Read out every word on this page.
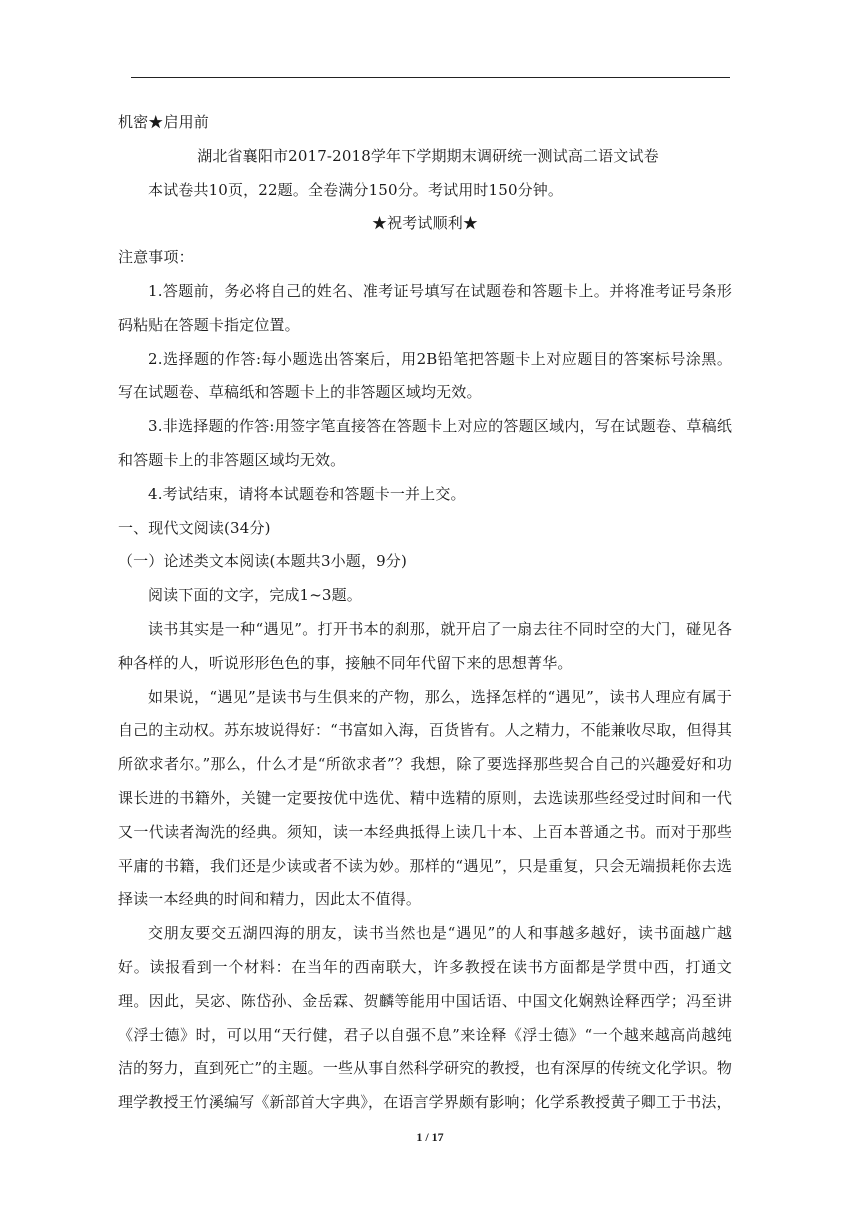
机密★启用前

湖北省襄阳市2017-2018学年下学期期末调研统一测试高二语文试卷

本试卷共10页，22题。全卷满分150分。考试用时150分钟。

★祝考试顺利★

注意事项：

1.答题前，务必将自己的姓名、准考证号填写在试题卷和答题卡上。并将准考证号条形码粘贴在答题卡指定位置。

2.选择题的作答:每小题选出答案后，用2B铅笔把答题卡上对应题目的答案标号涂黑。写在试题卷、草稿纸和答题卡上的非答题区域均无效。

3.非选择题的作答:用签字笔直接答在答题卡上对应的答题区域内，写在试题卷、草稿纸和答题卡上的非答题区域均无效。

4.考试结束，请将本试题卷和答题卡一并上交。

一、现代文阅读(34分)

（一）论述类文本阅读(本题共3小题，9分)

阅读下面的文字，完成1~3题。

读书其实是一种“遇见”。打开书本的刹那，就开启了一扇去往不同时空的大门，碰见各种各样的人，听说形形色色的事，接触不同年代留下来的思想菁华。

如果说，“遇见”是读书与生俱来的产物，那么，选择怎样的“遇见”，读书人理应有属于自己的主动权。苏东坡说得好：“书富如入海，百货皆有。人之精力，不能兼收尽取，但得其所欲求者尔。”那么，什么才是“所欲求者”？我想，除了要选择那些契合自己的兴趣爱好和功课长进的书籍外，关键一定要按优中选优、精中选精的原则，去选读那些经受过时间和一代又一代读者淘洗的经典。须知，读一本经典抵得上读几十本、上百本普通之书。而对于那些平庸的书籍，我们还是少读或者不读为妙。那样的“遇见”，只是重复，只会无端损耗你去选择读一本经典的时间和精力，因此太不值得。

交朋友要交五湖四海的朋友，读书当然也是“遇见”的人和事越多越好，读书面越广越好。读报看到一个材料：在当年的西南联大，许多教授在读书方面都是学贯中西，打通文理。因此，吴宓、陈岱孙、金岳霖、贺麟等能用中国话语、中国文化娴熟诠释西学；冯至讲《浮士德》时，可以用“天行健，君子以自强不息”来诠释《浮士德》“一个越来越高尚越纯洁的努力，直到死亡”的主题。一些从事自然科学研究的教授，也有深厚的传统文化学识。物理学教授王竹溪编写《新部首大字典》，在语言学界颇有影响；化学系教授黄子卿工于书法，

1 / 17
